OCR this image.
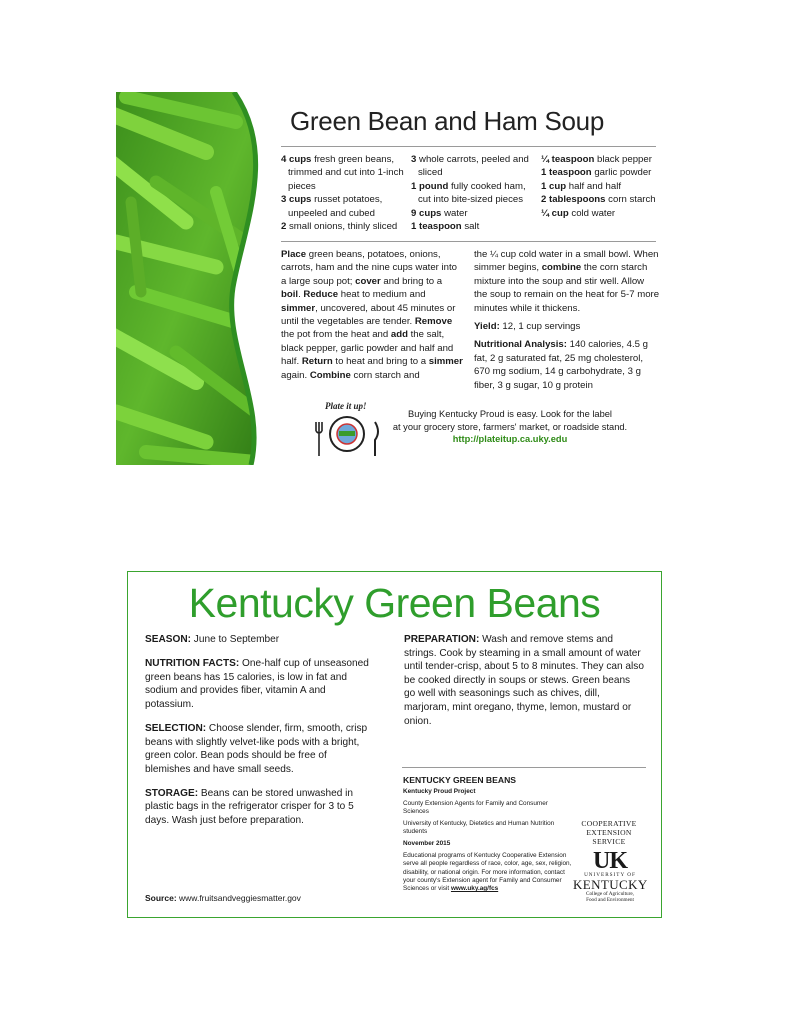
Green Bean and Ham Soup
4 cups fresh green beans, trimmed and cut into 1-inch pieces
3 cups russet potatoes, unpeeled and cubed
2 small onions, thinly sliced
3 whole carrots, peeled and sliced
1 pound fully cooked ham, cut into bite-sized pieces
9 cups water
1 teaspoon salt
¼ teaspoon black pepper
1 teaspoon garlic powder
1 cup half and half
2 tablespoons corn starch
¼ cup cold water

Place green beans, potatoes, onions, carrots, ham and the nine cups water into a large soup pot; cover and bring to a boil. Reduce heat to medium and simmer, uncovered, about 45 minutes or until the vegetables are tender. Remove the pot from the heat and add the salt, black pepper, garlic powder and half and half. Return to heat and bring to a simmer again. Combine corn starch and

the ¼ cup cold water in a small bowl. When simmer begins, combine the corn starch mixture into the soup and stir well. Allow the soup to remain on the heat for 5-7 more minutes while it thickens.

Yield: 12, 1 cup servings

Nutritional Analysis: 140 calories, 4.5 g fat, 2 g saturated fat, 25 mg cholesterol, 670 mg sodium, 14 g carbohydrate, 3 g fiber, 3 g sugar, 10 g protein

Plate it up!
Buying Kentucky Proud is easy. Look for the label
at your grocery store, farmers' market, or roadside stand.
http://plateitup.ca.uky.edu
Kentucky Green Beans

SEASON: June to September

NUTRITION FACTS: One-half cup of unseasoned green beans has 15 calories, is low in fat and sodium and provides fiber, vitamin A and potassium.

SELECTION: Choose slender, firm, smooth, crisp beans with slightly velvet-like pods with a bright, green color. Bean pods should be free of blemishes and have small seeds.

STORAGE: Beans can be stored unwashed in plastic bags in the refrigerator crisper for 3 to 5 days. Wash just before preparation.

Source: www.fruitsandveggiesmatter.gov

PREPARATION: Wash and remove stems and strings. Cook by steaming in a small amount of water until tender-crisp, about 5 to 8 minutes. They can also be cooked directly in soups or stews. Green beans go well with seasonings such as chives, dill, marjoram, mint oregano, thyme, lemon, mustard or onion.

KENTUCKY GREEN BEANS

Kentucky Proud Project

County Extension Agents for Family and Consumer Sciences

University of Kentucky, Dietetics and Human Nutrition students

November 2015

Educational programs of Kentucky Cooperative Extension serve all people regardless of race, color, age, sex, religion, disability, or national origin. For more information, contact your county's Extension agent for Family and Consumer Sciences or visit www.uky.ag/fcs

COOPERATIVE
EXTENSION
SERVICE
UK
UNIVERSITY OF
KENTUCKY
College of Agriculture,
Food and Environment
